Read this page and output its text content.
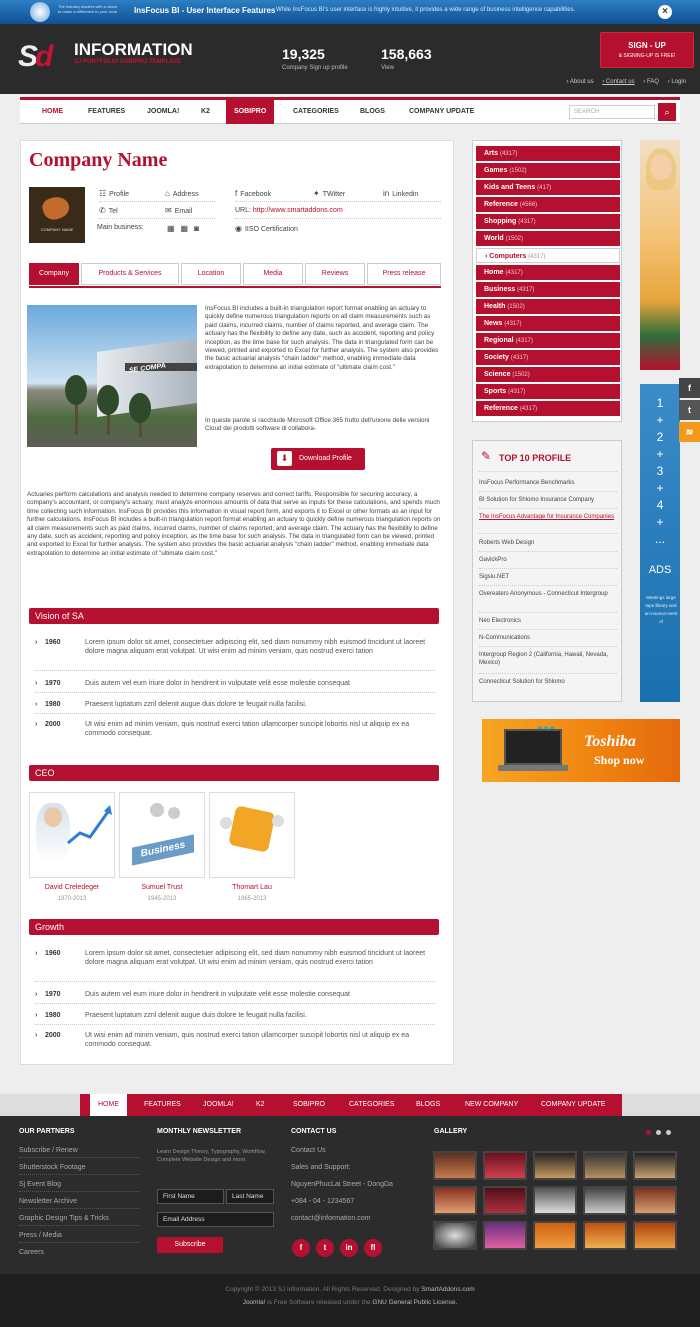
The industry leaders with a vision to make a difference to your work InsFocus BI - User Interface Features While InsFocus BI's user interface is highly intuitive, it provides a wide range of business intelligence capabilities.	×
Sd	INFORMATION
SJ PORTFOLIO SOBIPRO TEMPLATE	19,325
Company Sign up profile
158,663
View
SIGN - UP
& SIGNING-UP IS FREE!
› About us › Contact us › FAQ › Login
HOME	FEATURES	JOOMLA!	K2	SOBIPRO	CATEGORIES	BLOGS	COMPANY UPDATE	SEARCH	⌕
Company Name
COMPANY NAME
☷ Profile	⌂ Address	f Facebook	✦ TWitter	in Linkedin
✆ Tel	✉ Email	URL: http://www.smartaddons.com
Main business:	▦▦◙	◉ IISO Certification
Company	Products & Services	Location	Media	Reviews	Press release
SE COMPA
InsFocus BI includes a built-in triangulation report format enabling an actuary to quickly define numerous triangulation reports on all claim measurements such as paid claims, incurred claims, number of claims reported, and average claim. The actuary has the flexibility to define any date, such as accident, reporting and policy inception, as the time base for such analysis. The data in triangulated form can be viewed, printed and exported to Excel for further analysis. The system also provides the basic actuarial analysis "chain ladder" method, enabling immediate data extrapolation to determine an initial estimate of "ultimate claim cost."
In queste parole si racchiude Microsoft Office 365 frutto dell'unione delle versioni Cloud dei prodotti software di collabora-
⬇	Download Profile
Actuaries perform calculations and analysis needed to determine company reserves and correct tariffs. Responsible for securing accuracy, a company's accountant, or company's actuary, must analyze enormous amounts of data that serve as inputs for these calculations, and spends much time collecting such information. InsFocus BI provides this information in visual report form, and exports it to Excel or other formats as an input for further calculations. InsFocus BI includes a built-in triangulation report format enabling an actuary to quickly define numerous triangulation reports on all claim measurements such as paid claims, incurred claims, number of claims reported, and average claim. The actuary has the flexibility to define any date, such as accident, reporting and policy inception, as the time base for such analysis. The data in triangulated form can be viewed, printed and exported to Excel for further analysis. The system also provides the basic actuarial analysis "chain ladder" method, enabling immediate data extrapolation to determine an initial estimate of "ultimate claim cost."
Vision of SA
› 1960	Lorem ipsum dolor sit amet, consectetuer adipiscing elit, sed diam nonummy nibh euismod tincidunt ut laoreet dolore magna aliquam erat volutpat. Ut wisi enim ad minim veniam, quis nostrud exerci tation
› 1970	Duis autem vel eum iriure dolor in hendrerit in vulputate velit esse molestie consequat
› 1980	Praesent luptatum zzril delenit augue duis dolore te feugait nulla facilisi.
› 2000	Ut wisi enim ad minim veniam, quis nostrud exerci tation ullamcorper suscipit lobortis nisl ut aliquip ex ea commodo consequat.
CEO
Business
David Creledeger
1970-2013
Sumuel Trust
1945-2013
Thomart Lau
1965-2013
Growth
› 1960	Lorem ipsum dolor sit amet, consectetuer adipiscing elit, sed diam nonummy nibh euismod tincidunt ut laoreet dolore magna aliquam erat volutpat. Ut wisi enim ad minim veniam, quis nostrud exerci tation
› 1970	Duis autem vel eum iriure dolor in hendrerit in vulputate velit esse molestie consequat
› 1980	Praesent luptatum zzril delenit augue duis dolore te feugait nulla facilisi.
› 2000	Ut wisi enim ad minim veniam, quis nostrud exerci tation ullamcorper suscipit lobortis nisl ut aliquip ex ea commodo consequat.
Arts (4317)
Games (1502)
Kids and Teens (417)
Reference (4566)
Shopping (4317)
World (1502)
› Computers (4317)
Home (4317)
Business (4317)
Health (1502)
News (4317)
Regional (4317)
Society (4317)
Science (1502)
Sports (4317)
Reference (4317)
✎ TOP 10 PROFILE
InsFocus Performance Benchmarks
BI Solution for Shlomo Insurance Company
The InsFocus Advantage for Insurance Companies
Roberts Web Design
GavickPro
Sigsiu.NET
Overeaters Anonymous - Connecticut Intergroup
Neo Electronics
N-Communications
Intergroup Region 2 (California, Hawaii, Nevada, Mexico)
Connecticut Solution for Shlomo
1
+
2
+
3
+
4
+
...
ADS
Meetings large tape library and an-nounce-ment of
f
t
≋
Toshiba
Shop now
HOME	FEATURES	JOOMLA!	K2	SOBIPRO	CATEGORIES	BLOGS	NEW COMPANY	COMPANY UPDATE
OUR PARTNERS	MONTHLY NEWSLETTER	CONTACT US	GALLERY
Subscribe / Renew
Shutterstock Footage
Sj Event Blog
Newsletter Archive
Graphic Design Tips & Tricks
Press / Media
Careers
Learn Design Theory, Typography, Workflow, Complete Website Design and more.
First Name	Last Name
Email Address
Subscribe
Contact Us
Sales and Support:
NguyenPhucLai Street - DongDa
+084 - 04 - 1234567
contact@information.com
f	t	in	fl
Copyright © 2013 SJ information. All Rights Reserved. Designed by SmartAddons.com
Joomla! is Free Software released under the GNU General Public License.
